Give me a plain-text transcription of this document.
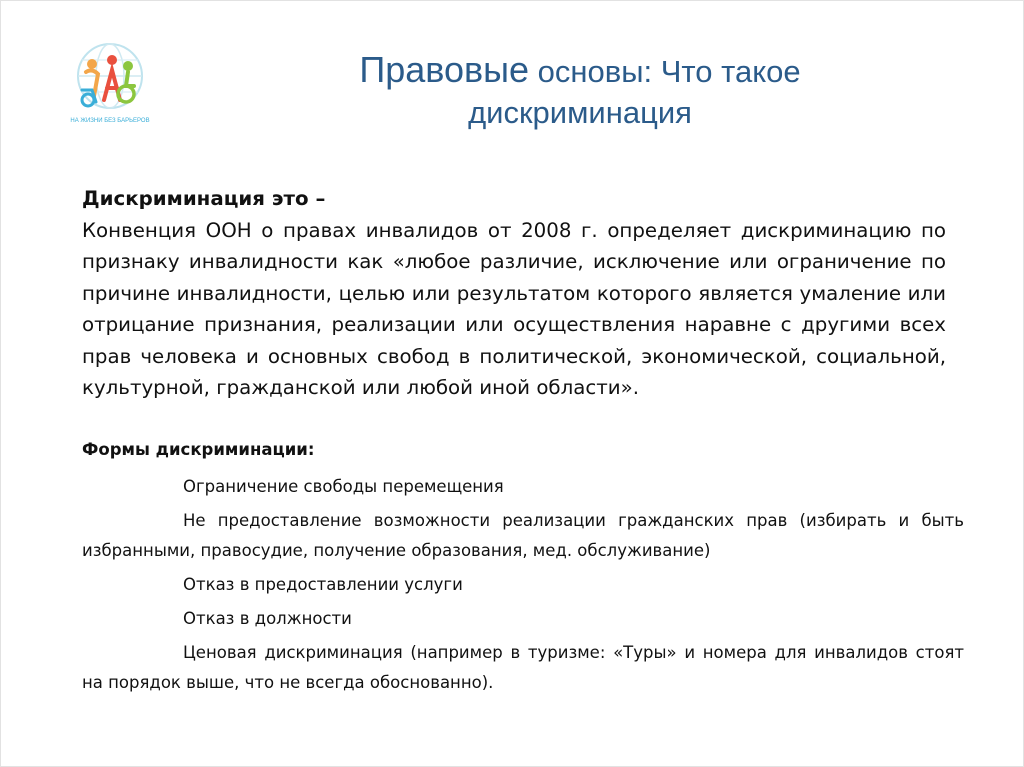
НА ЖИЗНИ БЕЗ БАРЬЕРОВ
Правовые основы: Что такое
дискриминация
Дискриминация это –
Конвенция ООН о правах инвалидов от 2008 г. определяет дискриминацию по признаку инвалидности как «любое различие, исключение или ограничение по причине инвалидности, целью или результатом которого является умаление или отрицание признания, реализации или осуществления наравне с другими всех прав человека и основных свобод в политической, экономической, социальной, культурной, гражданской или любой иной области».
Формы дискриминации:
Ограничение свободы перемещения
Не предоставление возможности реализации гражданских прав (избирать и быть избранными, правосудие, получение образования, мед. обслуживание)
Отказ в предоставлении услуги
Отказ в должности
Ценовая дискриминация (например в туризме: «Туры» и номера для инвалидов стоят на порядок выше, что не всегда обоснованно).
